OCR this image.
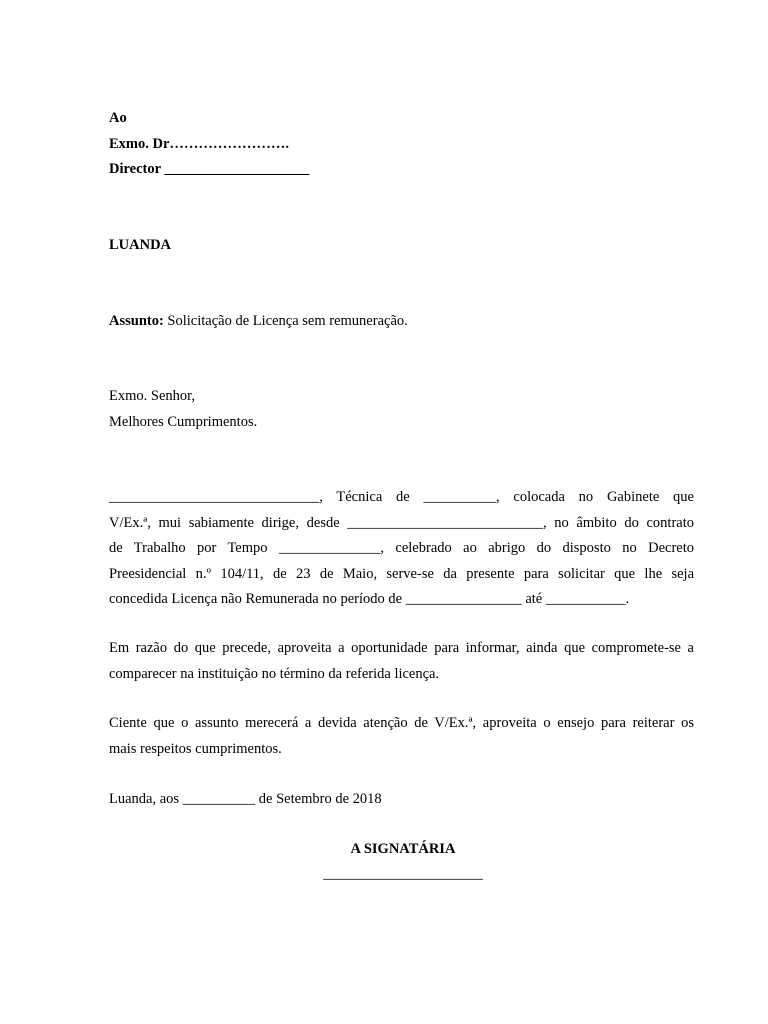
Ao
Exmo. Dr…………………….
Director ____________________
LUANDA
Assunto: Solicitação de Licença sem remuneração.
Exmo. Senhor,
Melhores Cumprimentos.
_____________________________, Técnica de __________, colocada no Gabinete que
V/Ex.ª, mui sabiamente dirige, desde ___________________________, no âmbito do contrato
de Trabalho por Tempo ______________, celebrado ao abrigo do disposto no Decreto
Preesidencial n.º 104/11, de 23 de Maio, serve-se da presente para solicitar que lhe seja
concedida Licença não Remunerada no período de ________________ até ___________.
Em razão do que precede, aproveita a oportunidade para informar, ainda que compromete-se a
comparecer na instituição no término da referida licença.
Ciente que o assunto merecerá a devida atenção de V/Ex.ª, aproveita o ensejo para reiterar os
mais respeitos cumprimentos.
Luanda, aos __________ de Setembro de 2018
A SIGNATÁRIA
______________________
